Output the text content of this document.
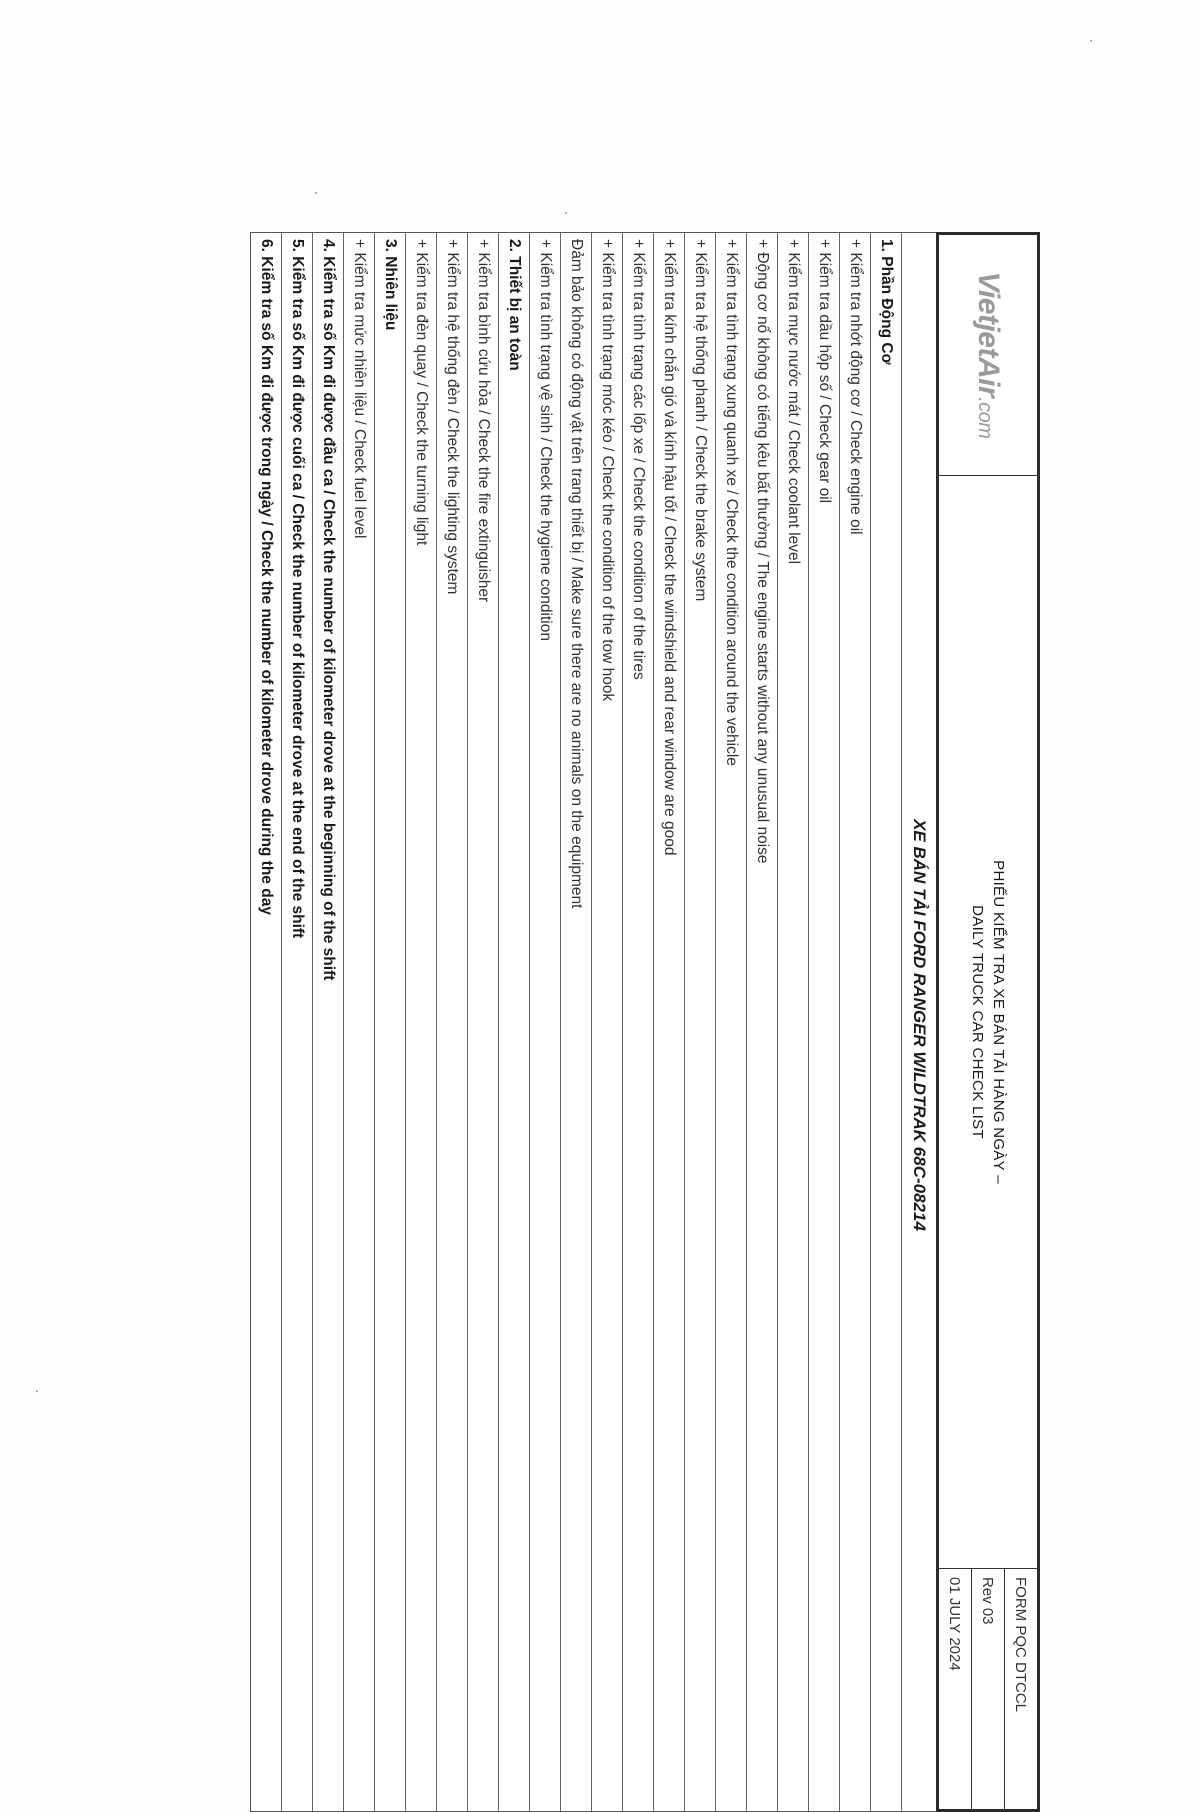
VietjetAir.com
PHIẾU KIỂM TRA XE BÁN TẢI HÀNG NGÀY –
DAILY TRUCK CAR CHECK LIST
FORM PQC DTCCL
Rev 03
01 JULY 2024
XE BÁN TẢI FORD RANGER WILDTRAK 68C-08214
1. Phần Động Cơ
+ Kiểm tra nhớt động cơ / Check engine oil
+ Kiểm tra dầu hộp số / Check gear oil
+ Kiểm tra mực nước mát / Check coolant level
+ Động cơ nổ không có tiếng kêu bất thường / The engine starts without any unusual noise
+ Kiểm tra tình trạng xung quanh xe / Check the condition around the vehicle
+ Kiểm tra hệ thống phanh / Check the brake system
+ Kiểm tra kính chắn gió và kính hậu tốt / Check the windshield and rear window are good
+ Kiểm tra tình trạng các lốp xe / Check the condition of the tires
+ Kiểm tra tình trạng móc kéo / Check the condition of the tow hook
Đảm bảo không có động vật trên trang thiết bị / Make sure there are no animals on the equipment
+ Kiểm tra tình trạng vệ sinh / Check the hygiene condition
2. Thiết bị an toàn
+ Kiểm tra bình cứu hỏa / Check the fire extinguisher
+ Kiểm tra hệ thống đèn / Check the lighting system
+ Kiểm tra đèn quay / Check the turning light
3. Nhiên liệu
+ Kiểm tra mức nhiên liệu / Check fuel level
4. Kiểm tra số Km đi được đầu ca / Check the number of kilometer drove at the beginning of the shift
5. Kiểm tra số Km đi được cuối ca / Check the number of kilometer drove at the end of the shift
6. Kiểm tra số Km đi được trong ngày / Check the number of kilometer drove during the day
